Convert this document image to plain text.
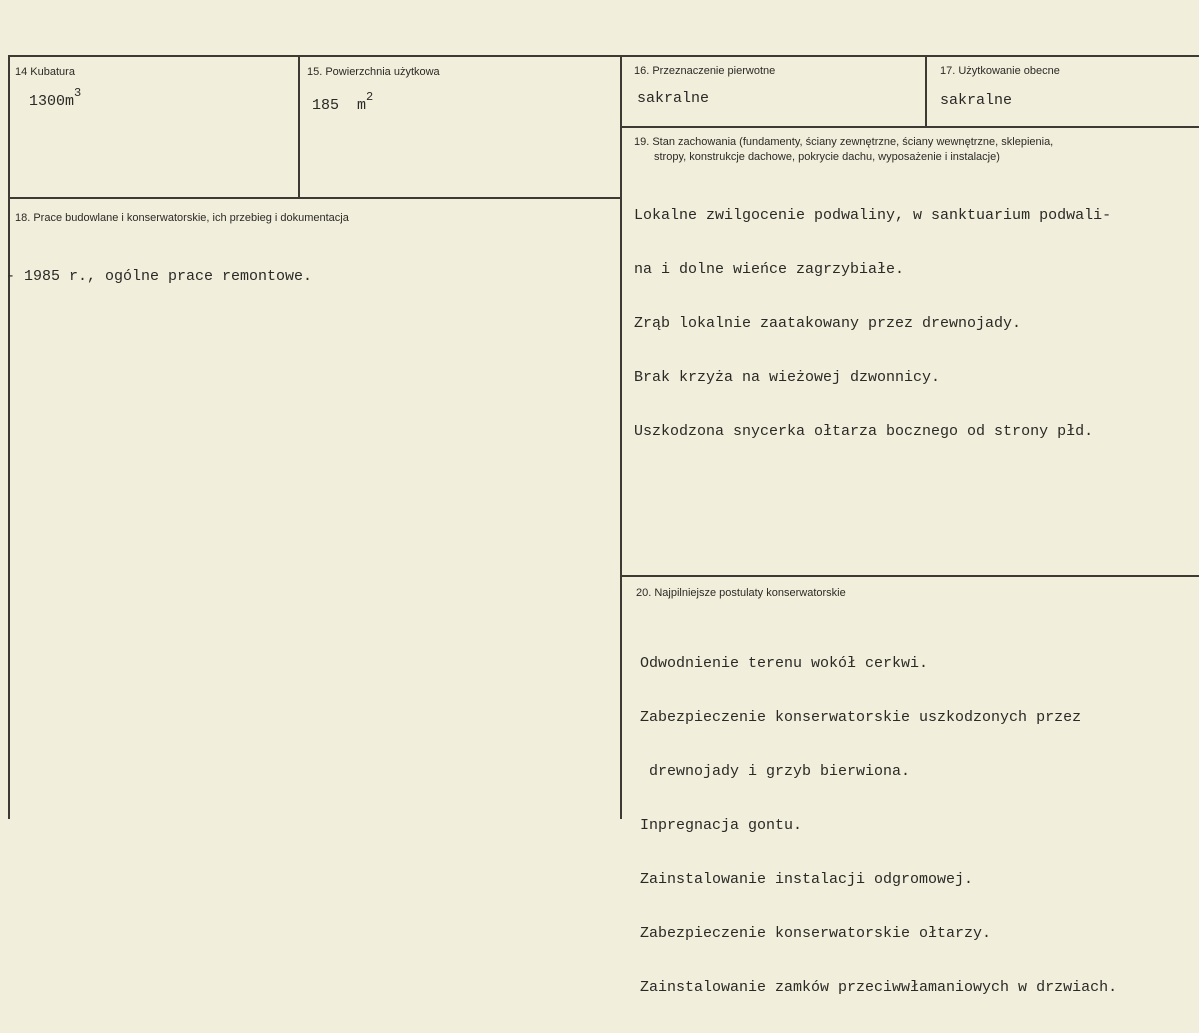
14 Kubatura
$1300m^3$
15. Powierzchnia użytkowa
185  $m^2$
16. Przeznaczenie pierwotne
sakralne
17. Użytkowanie obecne
sakralne
19. Stan zachowania (fundamenty, ściany zewnętrzne, ściany wewnętrzne, sklepienia,
stropy, konstrukcje dachowe, pokrycie dachu, wyposażenie i instalacje)

Lokalne zwilgocenie podwaliny, w sanktuarium podwali-

na i dolne wieńce zagrzybiałe.

Zrąb lokalnie zaatakowany przez drewnojady.

Brak krzyża na wieżowej dzwonnicy.

Uszkodzona snycerka ołtarza bocznego od strony płd.

18. Prace budowlane i konserwatorskie, ich przebieg i dokumentacja

- 1985 r., ogólne prace remontowe.

20. Najpilniejsze postulaty konserwatorskie

Odwodnienie terenu wokół cerkwi.

Zabezpieczenie konserwatorskie uszkodzonych przez

drewnojady i grzyb bierwiona.

Inpregnacja gontu.

Zainstalowanie instalacji odgromowej.

Zabezpieczenie konserwatorskie ołtarzy.

Zainstalowanie zamków przeciwwłamaniowych w drzwiach.
